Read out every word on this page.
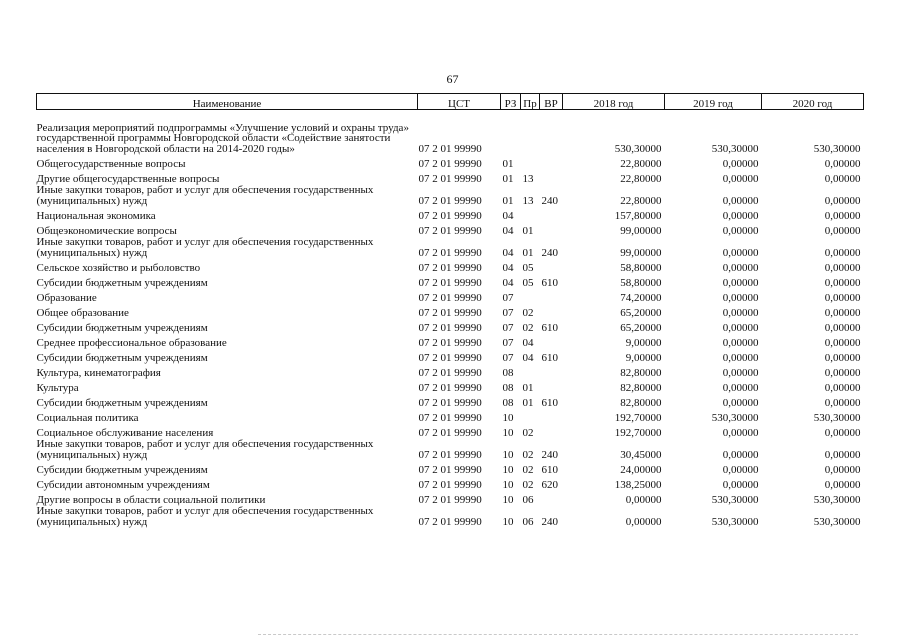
67
Наименование	ЦСТ	РЗ	Пр	ВР	2018 год	2019 год	2020 год
Реализация мероприятий подпрограммы «Улучшение условий и охраны труда» государственной программы Новгородской области «Содействие занятости населения в Новгородской области на 2014-2020 годы»	07 2 01 99990				530,30000	530,30000	530,30000
Общегосударственные вопросы	07 2 01 99990	01			22,80000	0,00000	0,00000
Другие общегосударственные вопросы	07 2 01 99990	01	13		22,80000	0,00000	0,00000
Иные закупки товаров, работ и услуг для обеспечения государственных (муниципальных) нужд	07 2 01 99990	01	13	240	22,80000	0,00000	0,00000
Национальная экономика	07 2 01 99990	04			157,80000	0,00000	0,00000
Общеэкономические вопросы	07 2 01 99990	04	01		99,00000	0,00000	0,00000
Иные закупки товаров, работ и услуг для обеспечения государственных (муниципальных) нужд	07 2 01 99990	04	01	240	99,00000	0,00000	0,00000
Сельское хозяйство и рыболовство	07 2 01 99990	04	05		58,80000	0,00000	0,00000
Субсидии бюджетным учреждениям	07 2 01 99990	04	05	610	58,80000	0,00000	0,00000
Образование	07 2 01 99990	07			74,20000	0,00000	0,00000
Общее образование	07 2 01 99990	07	02		65,20000	0,00000	0,00000
Субсидии бюджетным учреждениям	07 2 01 99990	07	02	610	65,20000	0,00000	0,00000
Среднее профессиональное образование	07 2 01 99990	07	04		9,00000	0,00000	0,00000
Субсидии бюджетным учреждениям	07 2 01 99990	07	04	610	9,00000	0,00000	0,00000
Культура, кинематография	07 2 01 99990	08			82,80000	0,00000	0,00000
Культура	07 2 01 99990	08	01		82,80000	0,00000	0,00000
Субсидии бюджетным учреждениям	07 2 01 99990	08	01	610	82,80000	0,00000	0,00000
Социальная политика	07 2 01 99990	10			192,70000	530,30000	530,30000
Социальное обслуживание населения	07 2 01 99990	10	02		192,70000	0,00000	0,00000
Иные закупки товаров, работ и услуг для обеспечения государственных (муниципальных) нужд	07 2 01 99990	10	02	240	30,45000	0,00000	0,00000
Субсидии бюджетным учреждениям	07 2 01 99990	10	02	610	24,00000	0,00000	0,00000
Субсидии автономным учреждениям	07 2 01 99990	10	02	620	138,25000	0,00000	0,00000
Другие вопросы в области социальной политики	07 2 01 99990	10	06		0,00000	530,30000	530,30000
Иные закупки товаров, работ и услуг для обеспечения государственных (муниципальных) нужд	07 2 01 99990	10	06	240	0,00000	530,30000	530,30000
